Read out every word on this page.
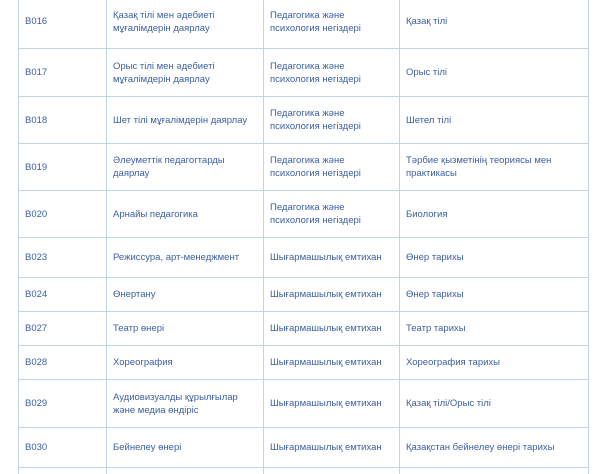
В016	Қазақ тілі мен әдебиеті мұғалімдерін даярлау	Педагогика және психология негіздері	Қазақ тілі
В017	Орыс тілі мен әдебиеті мұғалімдерін даярлау	Педагогика және психология негіздері	Орыс тілі
В018	Шет тілі мұғалімдерін даярлау	Педагогика және психология негіздері	Шетел тілі
В019	Әлеуметтік педагогтарды даярлау	Педагогика және психология негіздері	Тәрбие қызметінің теориясы мен практикасы
В020	Арнайы педагогика	Педагогика және психология негіздері	Биология
В023	Режиссура, арт-менеджмент	Шығармашылық емтихан	Өнер тарихы
В024	Өнертану	Шығармашылық емтихан	Өнер тарихы
В027	Театр өнері	Шығармашылық емтихан	Театр тарихы
В028	Хореография	Шығармашылық емтихан	Хореография тарихы
В029	Аудиовизуалды құрылғылар және медиа өндіріс	Шығармашылық емтихан	Қазақ тілі/Орыс тілі
В030	Бейнелеу өнері	Шығармашылық емтихан	Қазақстан бейнелеу өнері тарихы
